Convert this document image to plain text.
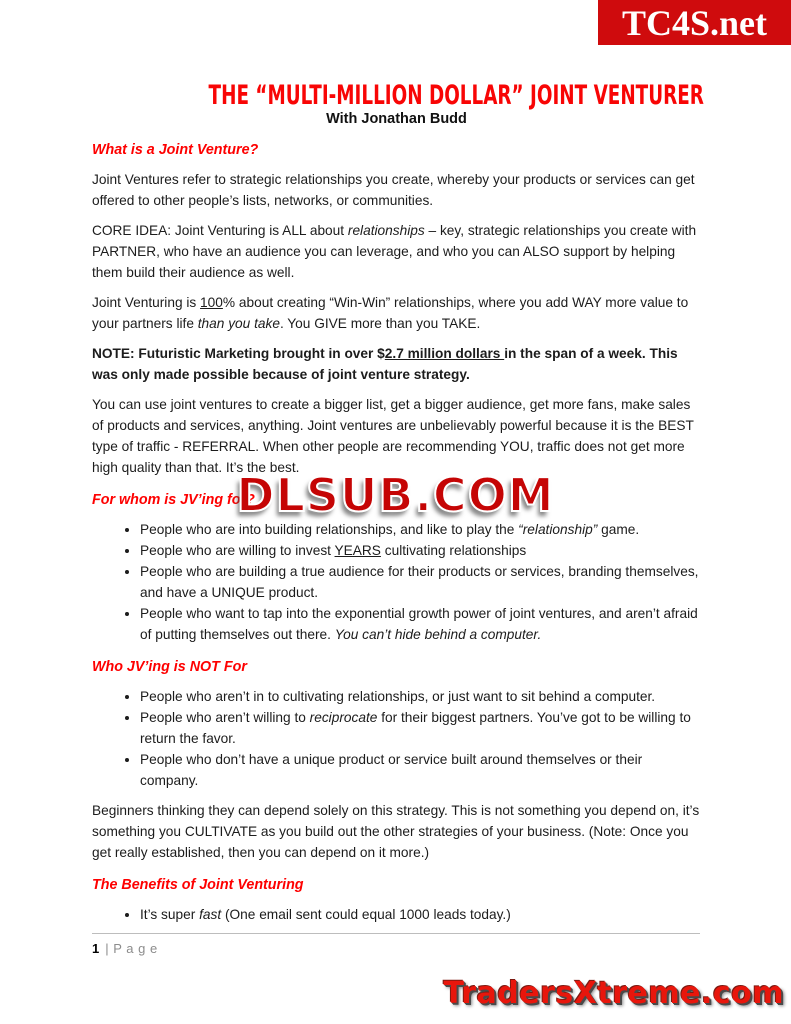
THE “MULTI-MILLION DOLLAR” JOINT VENTURER
With Jonathan Budd
What is a Joint Venture?

Joint Ventures refer to strategic relationships you create, whereby your products or services can get offered to other people’s lists, networks, or communities.

CORE IDEA: Joint Venturing is ALL about relationships – key, strategic relationships you create with PARTNER, who have an audience you can leverage, and who you can ALSO support by helping them build their audience as well.

Joint Venturing is 100% about creating “Win-Win” relationships, where you add WAY more value to your partners life than you take. You GIVE more than you TAKE.

NOTE: Futuristic Marketing brought in over $2.7 million dollars in the span of a week. This was only made possible because of joint venture strategy.

You can use joint ventures to create a bigger list, get a bigger audience, get more fans, make sales of products and services, anything. Joint ventures are unbelievably powerful because it is the BEST type of traffic - REFERRAL. When other people are recommending YOU, traffic does not get more high quality than that. It’s the best.

For whom is JV’ing for?
• People who are into building relationships, and like to play the “relationship” game.
• People who are willing to invest YEARS cultivating relationships
• People who are building a true audience for their products or services, branding themselves, and have a UNIQUE product.
• People who want to tap into the exponential growth power of joint ventures, and aren’t afraid of putting themselves out there. You can’t hide behind a computer.
Who JV’ing is NOT For
• People who aren’t in to cultivating relationships, or just want to sit behind a computer.
• People who aren’t willing to reciprocate for their biggest partners. You’ve got to be willing to return the favor.
• People who don’t have a unique product or service built around themselves or their company.

Beginners thinking they can depend solely on this strategy. This is not something you depend on, it’s something you CULTIVATE as you build out the other strategies of your business. (Note: Once you get really established, then you can depend on it more.)

The Benefits of Joint Venturing
• It’s super fast (One email sent could equal 1000 leads today.)
1 | P a g e
TC4S.net
DLSUB.COM
TradersXtreme.com
